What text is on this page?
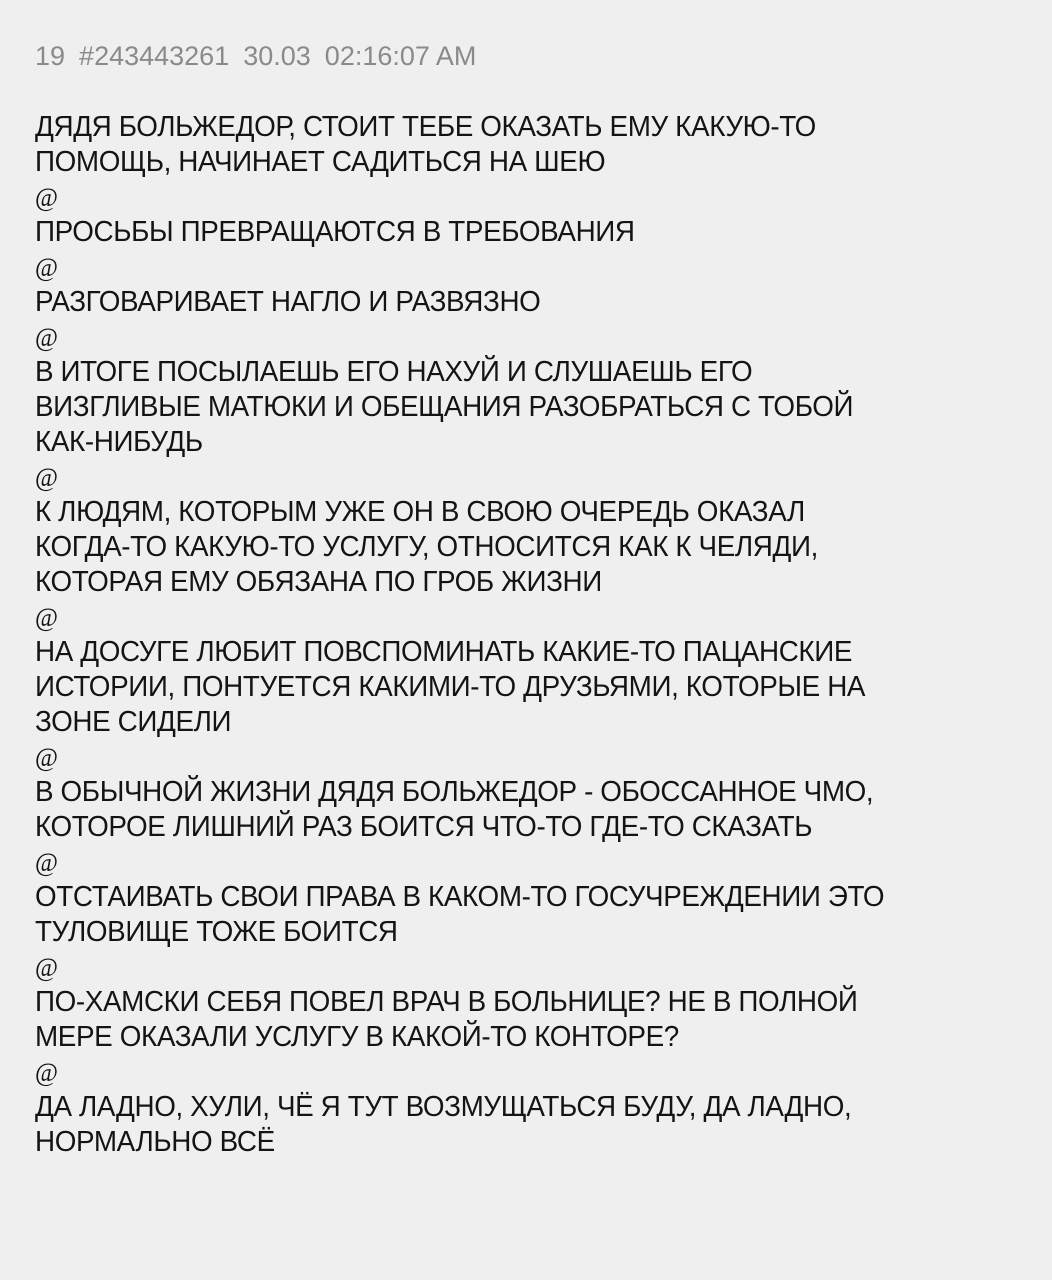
19 #243443261 30.03 02:16:07 AM
ДЯДЯ БОЛЬЖЕДОР, СТОИТ ТЕБЕ ОКАЗАТЬ ЕМУ КАКУЮ-ТО
ПОМОЩЬ, НАЧИНАЕТ САДИТЬСЯ НА ШЕЮ
@
ПРОСЬБЫ ПРЕВРАЩАЮТСЯ В ТРЕБОВАНИЯ
@
РАЗГОВАРИВАЕТ НАГЛО И РАЗВЯЗНО
@
В ИТОГЕ ПОСЫЛАЕШЬ ЕГО НАХУЙ И СЛУШАЕШЬ ЕГО
ВИЗГЛИВЫЕ МАТЮКИ И ОБЕЩАНИЯ РАЗОБРАТЬСЯ С ТОБОЙ
КАК-НИБУДЬ
@
К ЛЮДЯМ, КОТОРЫМ УЖЕ ОН В СВОЮ ОЧЕРЕДЬ ОКАЗАЛ
КОГДА-ТО КАКУЮ-ТО УСЛУГУ, ОТНОСИТСЯ КАК К ЧЕЛЯДИ,
КОТОРАЯ ЕМУ ОБЯЗАНА ПО ГРОБ ЖИЗНИ
@
НА ДОСУГЕ ЛЮБИТ ПОВСПОМИНАТЬ КАКИЕ-ТО ПАЦАНСКИЕ
ИСТОРИИ, ПОНТУЕТСЯ КАКИМИ-ТО ДРУЗЬЯМИ, КОТОРЫЕ НА
ЗОНЕ СИДЕЛИ
@
В ОБЫЧНОЙ ЖИЗНИ ДЯДЯ БОЛЬЖЕДОР - ОБОССАННОЕ ЧМО,
КОТОРОЕ ЛИШНИЙ РАЗ БОИТСЯ ЧТО-ТО ГДЕ-ТО СКАЗАТЬ
@
ОТСТАИВАТЬ СВОИ ПРАВА В КАКОМ-ТО ГОСУЧРЕЖДЕНИИ ЭТО
ТУЛОВИЩЕ ТОЖЕ БОИТСЯ
@
ПО-ХАМСКИ СЕБЯ ПОВЕЛ ВРАЧ В БОЛЬНИЦЕ? НЕ В ПОЛНОЙ
МЕРЕ ОКАЗАЛИ УСЛУГУ В КАКОЙ-ТО КОНТОРЕ?
@
ДА ЛАДНО, ХУЛИ, ЧЁ Я ТУТ ВОЗМУЩАТЬСЯ БУДУ, ДА ЛАДНО,
НОРМАЛЬНО ВСЁ
